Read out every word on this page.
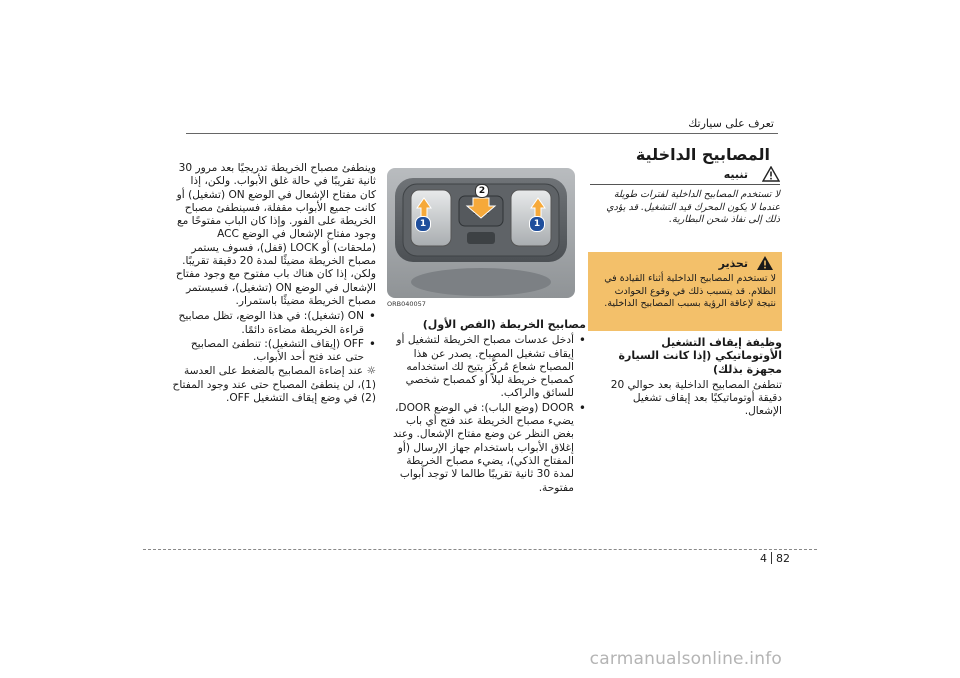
تعرف على سيارتك
المصابيح الداخلية
تنبيه

لا تستخدم المصابيح الداخلية لفترات طويلة عندما لا يكون المحرك قيد التشغيل. قد يؤدي ذلك إلى نفاذ شحن البطارية.

تحذير

لا تستخدم المصابيح الداخلية أثناء القيادة في الظلام. قد يتسبب ذلك في وقوع الحوادث نتيجة لإعاقة الرؤية بسبب المصابيح الداخلية.

وظيفة إيقاف التشغيل الأوتوماتيكي (إذا كانت السيارة مجهزة بذلك)

تنطفئ المصابيح الداخلية بعد حوالي 20 دقيقة أوتوماتيكيًا بعد إيقاف تشغيل الإشعال.

1
2
1
ORB040057

مصابيح الخريطة (الفص الأول)

• أدخل عدسات مصباح الخريطة لتشغيل أو إيقاف تشغيل المصباح. يصدر عن هذا المصباح شعاع مُركَّز يتيح لك استخدامه كمصباح خريطة ليلاً أو كمصباح شخصي للسائق والراكب.
• DOOR (وضع الباب): في الوضع DOOR، يضيء مصباح الخريطة عند فتح أي باب بغض النظر عن وضع مفتاح الإشعال. وعند إغلاق الأبواب باستخدام جهاز الإرسال (أو المفتاح الذكي)، يضيء مصباح الخريطة لمدة 30 ثانية تقريبًا طالما لا توجد أبواب مفتوحة.

وينطفئ مصباح الخريطة تدريجيًا بعد مرور 30 ثانية تقريبًا في حالة غلق الأبواب. ولكن، إذا كان مفتاح الإشعال في الوضع ON (تشغيل) أو كانت جميع الأبواب مقفلة، فسينطفئ مصباح الخريطة على الفور. وإذا كان الباب مفتوحًا مع وجود مفتاح الإشعال في الوضع ACC (ملحقات) أو LOCK (قفل)، فسوف يستمر مصباح الخريطة مضيئًا لمدة 20 دقيقة تقريبًا. ولكن، إذا كان هناك باب مفتوح مع وجود مفتاح الإشعال في الوضع ON (تشغيل)، فسيستمر مصباح الخريطة مضيئًا باستمرار.

• ON (تشغيل): في هذا الوضع، تظل مصابيح قراءة الخريطة مضاءة دائمًا.
• OFF (إيقاف التشغيل): تنطفئ المصابيح حتى عند فتح أحد الأبواب.

☼ عند إضاءة المصابيح بالضغط على العدسة (1)، لن ينطفئ المصباح حتى عند وجود المفتاح (2) في وضع إيقاف التشغيل OFF.

4 82
carmanualsonline.info
